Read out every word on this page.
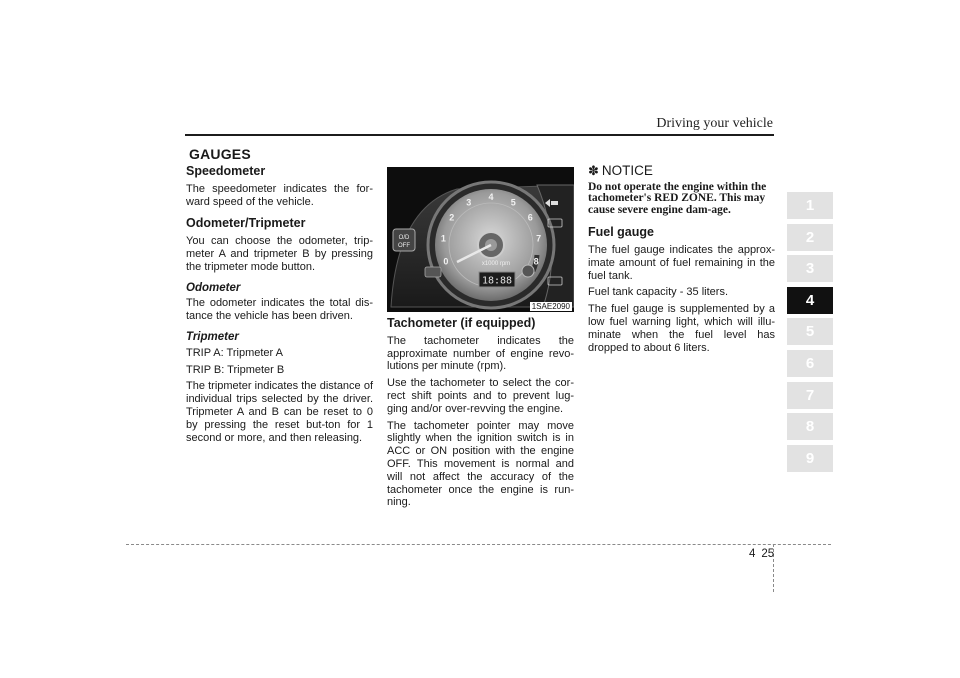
Driving your vehicle
1
2
3
4
5
6
7
8
9
GAUGES
Speedometer
The speedometer indicates the for-ward speed of the vehicle.
Odometer/Tripmeter
You can choose the odometer, trip-meter A and tripmeter B by pressing the tripmeter mode button.
Odometer
The odometer indicates the total dis-tance the vehicle has been driven.
Tripmeter
TRIP A: Tripmeter A
TRIP B: Tripmeter B
The tripmeter indicates the distance of individual trips selected by the driver. Tripmeter A and B can be reset to 0 by pressing the reset but-ton for 1 second or more, and then releasing.
18:88
x1000 rpm
0
1
2
3
4
5
6
7
8
O/D
OFF
1SAE2090
Tachometer (if equipped)
The tachometer indicates the approximate number of engine revo-lutions per minute (rpm).
Use the tachometer to select the cor-rect shift points and to prevent lug-ging and/or over-revving the engine.
The tachometer pointer may move slightly when the ignition switch is in ACC or ON position with the engine OFF. This movement is normal and will not affect the accuracy of the tachometer once the engine is run-ning.
✽ NOTICE
Do not operate the engine within the tachometer's RED ZONE. This may cause severe engine dam-age.
Fuel gauge
The fuel gauge indicates the approx-imate amount of fuel remaining in the fuel tank.
Fuel tank capacity - 35 liters.
The fuel gauge is supplemented by a low fuel warning light, which will illu-minate when the fuel level has dropped to about 6 liters.
4 25
